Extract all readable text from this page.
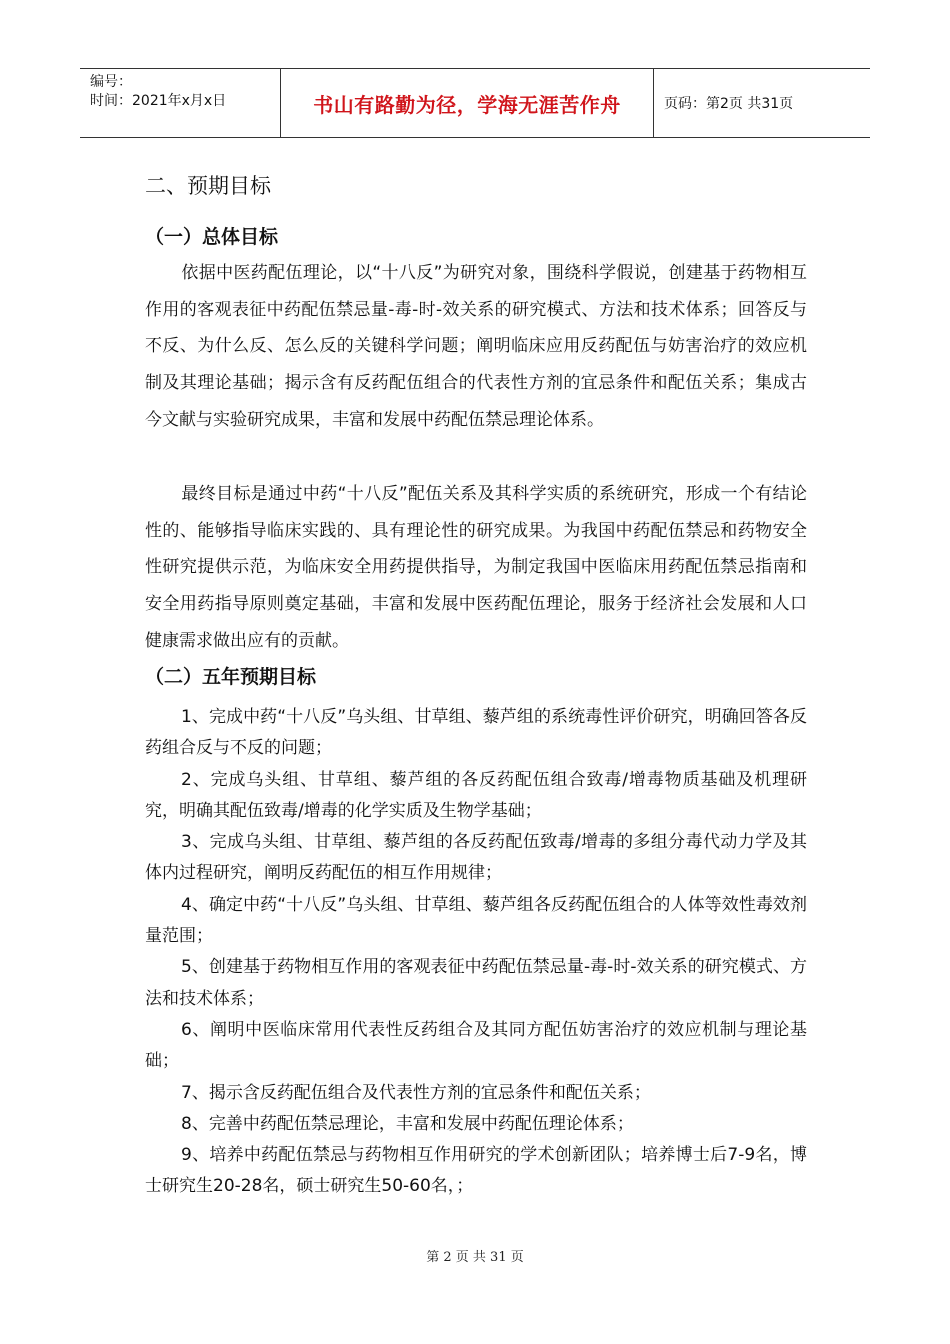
编号：
时间：2021年x月x日	书山有路勤为径，学海无涯苦作舟	页码：第2页 共31页
二、预期目标
（一）总体目标
依据中医药配伍理论，以“十八反”为研究对象，围绕科学假说，创建基于药物相互作用的客观表征中药配伍禁忌量-毒-时-效关系的研究模式、方法和技术体系；回答反与不反、为什么反、怎么反的关键科学问题；阐明临床应用反药配伍与妨害治疗的效应机制及其理论基础；揭示含有反药配伍组合的代表性方剂的宜忌条件和配伍关系；集成古今文献与实验研究成果，丰富和发展中药配伍禁忌理论体系。
最终目标是通过中药“十八反”配伍关系及其科学实质的系统研究，形成一个有结论性的、能够指导临床实践的、具有理论性的研究成果。为我国中药配伍禁忌和药物安全性研究提供示范，为临床安全用药提供指导，为制定我国中医临床用药配伍禁忌指南和安全用药指导原则奠定基础，丰富和发展中医药配伍理论，服务于经济社会发展和人口健康需求做出应有的贡献。
（二）五年预期目标

1、完成中药“十八反”乌头组、甘草组、藜芦组的系统毒性评价研究，明确回答各反药组合反与不反的问题；

2、完成乌头组、甘草组、藜芦组的各反药配伍组合致毒/增毒物质基础及机理研究，明确其配伍致毒/增毒的化学实质及生物学基础；

3、完成乌头组、甘草组、藜芦组的各反药配伍致毒/增毒的多组分毒代动力学及其体内过程研究，阐明反药配伍的相互作用规律；

4、确定中药“十八反”乌头组、甘草组、藜芦组各反药配伍组合的人体等效性毒效剂量范围；

5、创建基于药物相互作用的客观表征中药配伍禁忌量-毒-时-效关系的研究模式、方法和技术体系；

6、阐明中医临床常用代表性反药组合及其同方配伍妨害治疗的效应机制与理论基础；

7、揭示含反药配伍组合及代表性方剂的宜忌条件和配伍关系；

8、完善中药配伍禁忌理论，丰富和发展中药配伍理论体系；

9、培养中药配伍禁忌与药物相互作用研究的学术创新团队；培养博士后7-9名，博士研究生20-28名，硕士研究生50-60名，；

第 2 页 共 31 页
